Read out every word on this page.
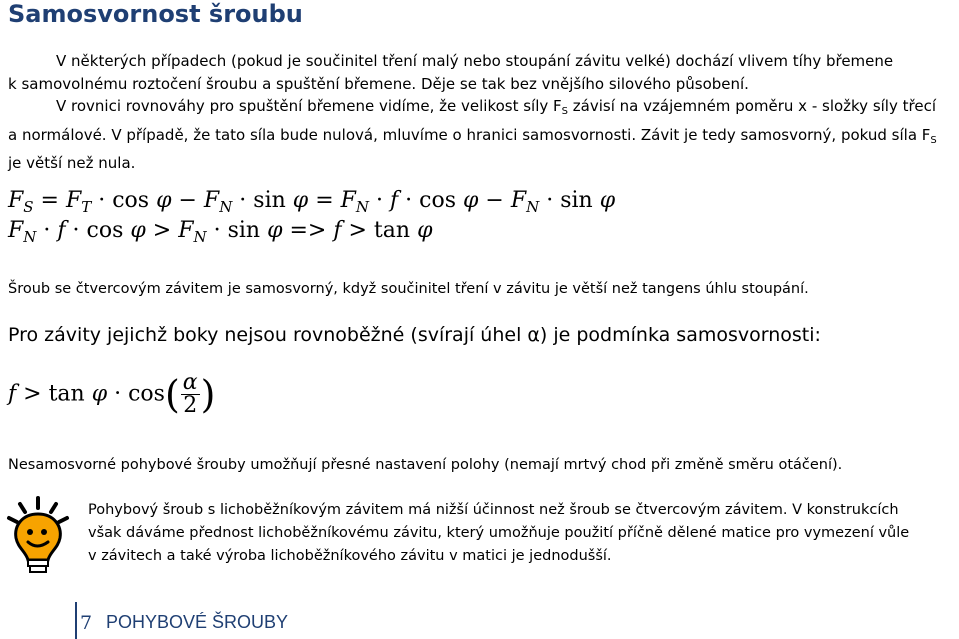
Samosvornost šroubu
V některých případech (pokud je součinitel tření malý nebo stoupání závitu velké) dochází vlivem tíhy břemene
k samovolnému roztočení šroubu a spuštění břemene. Děje se tak bez vnějšího silového působení.
V rovnici rovnováhy pro spuštění břemene vidíme, že velikost síly $F_S$ závisí na vzájemném poměru x - složky síly třecí
a normálové. V případě, že tato síla bude nulová, mluvíme o hranici samosvornosti. Závit je tedy samosvorný, pokud síla $F_S$
je větší než nula.
$F_S = F_T \cdot \cos \varphi - F_N \cdot \sin \varphi = F_N \cdot f \cdot \cos \varphi - F_N \cdot \sin \varphi$
$F_N \cdot f \cdot \cos \varphi > F_N \cdot \sin \varphi => f > \tan \varphi$
Šroub se čtvercovým závitem je samosvorný, když součinitel tření v závitu je větší než tangens úhlu stoupání.
Pro závity jejichž boky nejsou rovnoběžné (svírají úhel α) je podmínka samosvornosti:
$f > \tan \varphi \cdot \cos( \frac{\alpha}{2}$ )
Nesamosvorné pohybové šrouby umožňují přesné nastavení polohy (nemají mrtvý chod při změně směru otáčení).
Pohybový šroub s lichoběžníkovým závitem má nižší účinnost než šroub se čtvercovým závitem. V konstrukcích
však dáváme přednost lichoběžníkovému závitu, který umožňuje použití příčně dělené matice pro vymezení vůle
v závitech a také výroba lichoběžníkového závitu v matici je jednodušší.
7 POHYBOVÉ ŠROUBY
